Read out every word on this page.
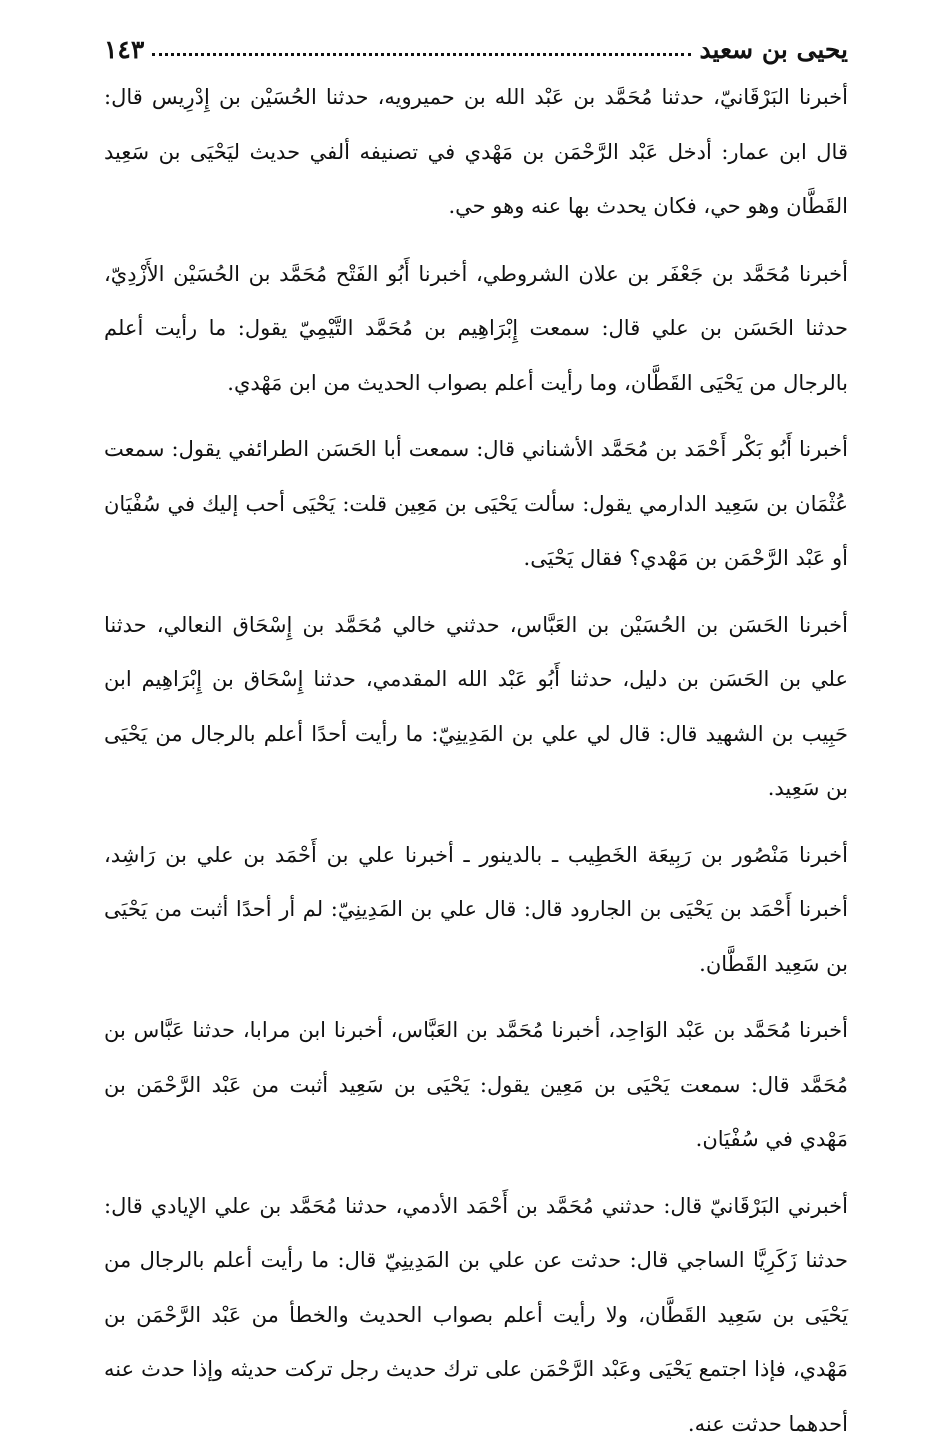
يحيى بن سعيد
١٤٣

أخبرنا البَرْقَانيّ، حدثنا مُحَمَّد بن عَبْد الله بن حميرويه، حدثنا الحُسَيْن بن إِدْرِيس قال: قال ابن عمار: أدخل عَبْد الرَّحْمَن بن مَهْدي في تصنيفه ألفي حديث ليَحْيَى بن سَعِيد القَطَّان وهو حي، فكان يحدث بها عنه وهو حي.

أخبرنا مُحَمَّد بن جَعْفَر بن علان الشروطي، أخبرنا أَبُو الفَتْح مُحَمَّد بن الحُسَيْن الأَزْدِيّ، حدثنا الحَسَن بن علي قال: سمعت إِبْرَاهِيم بن مُحَمَّد التَّيْمِيّ يقول: ما رأيت أعلم بالرجال من يَحْيَى القَطَّان، وما رأيت أعلم بصواب الحديث من ابن مَهْدي.

أخبرنا أَبُو بَكْر أَحْمَد بن مُحَمَّد الأشناني قال: سمعت أبا الحَسَن الطرائفي يقول: سمعت عُثْمَان بن سَعِيد الدارمي يقول: سألت يَحْيَى بن مَعِين قلت: يَحْيَى أحب إليك في سُفْيَان أو عَبْد الرَّحْمَن بن مَهْدي؟ فقال يَحْيَى.

أخبرنا الحَسَن بن الحُسَيْن بن العَبَّاس، حدثني خالي مُحَمَّد بن إِسْحَاق النعالي، حدثنا علي بن الحَسَن بن دليل، حدثنا أَبُو عَبْد الله المقدمي، حدثنا إِسْحَاق بن إِبْرَاهِيم ابن حَبِيب بن الشهيد قال: قال لي علي بن المَدِينِيّ: ما رأيت أحدًا أعلم بالرجال من يَحْيَى بن سَعِيد.

أخبرنا مَنْصُور بن رَبِيعَة الخَطِيب ـ بالدينور ـ أخبرنا علي بن أَحْمَد بن علي بن رَاشِد، أخبرنا أَحْمَد بن يَحْيَى بن الجارود قال: قال علي بن المَدِينِيّ: لم أر أحدًا أثبت من يَحْيَى بن سَعِيد القَطَّان.

أخبرنا مُحَمَّد بن عَبْد الوَاحِد، أخبرنا مُحَمَّد بن العَبَّاس، أخبرنا ابن مرابا، حدثنا عَبَّاس بن مُحَمَّد قال: سمعت يَحْيَى بن مَعِين يقول: يَحْيَى بن سَعِيد أثبت من عَبْد الرَّحْمَن بن مَهْدي في سُفْيَان.

أخبرني البَرْقَانيّ قال: حدثني مُحَمَّد بن أَحْمَد الأدمي، حدثنا مُحَمَّد بن علي الإيادي قال: حدثنا زَكَرِيَّا الساجي قال: حدثت عن علي بن المَدِينِيّ قال: ما رأيت أعلم بالرجال من يَحْيَى بن سَعِيد القَطَّان، ولا رأيت أعلم بصواب الحديث والخطأ من عَبْد الرَّحْمَن بن مَهْدي، فإذا اجتمع يَحْيَى وعَبْد الرَّحْمَن على ترك حديث رجل تركت حديثه وإذا حدث عنه أحدهما حدثت عنه.
